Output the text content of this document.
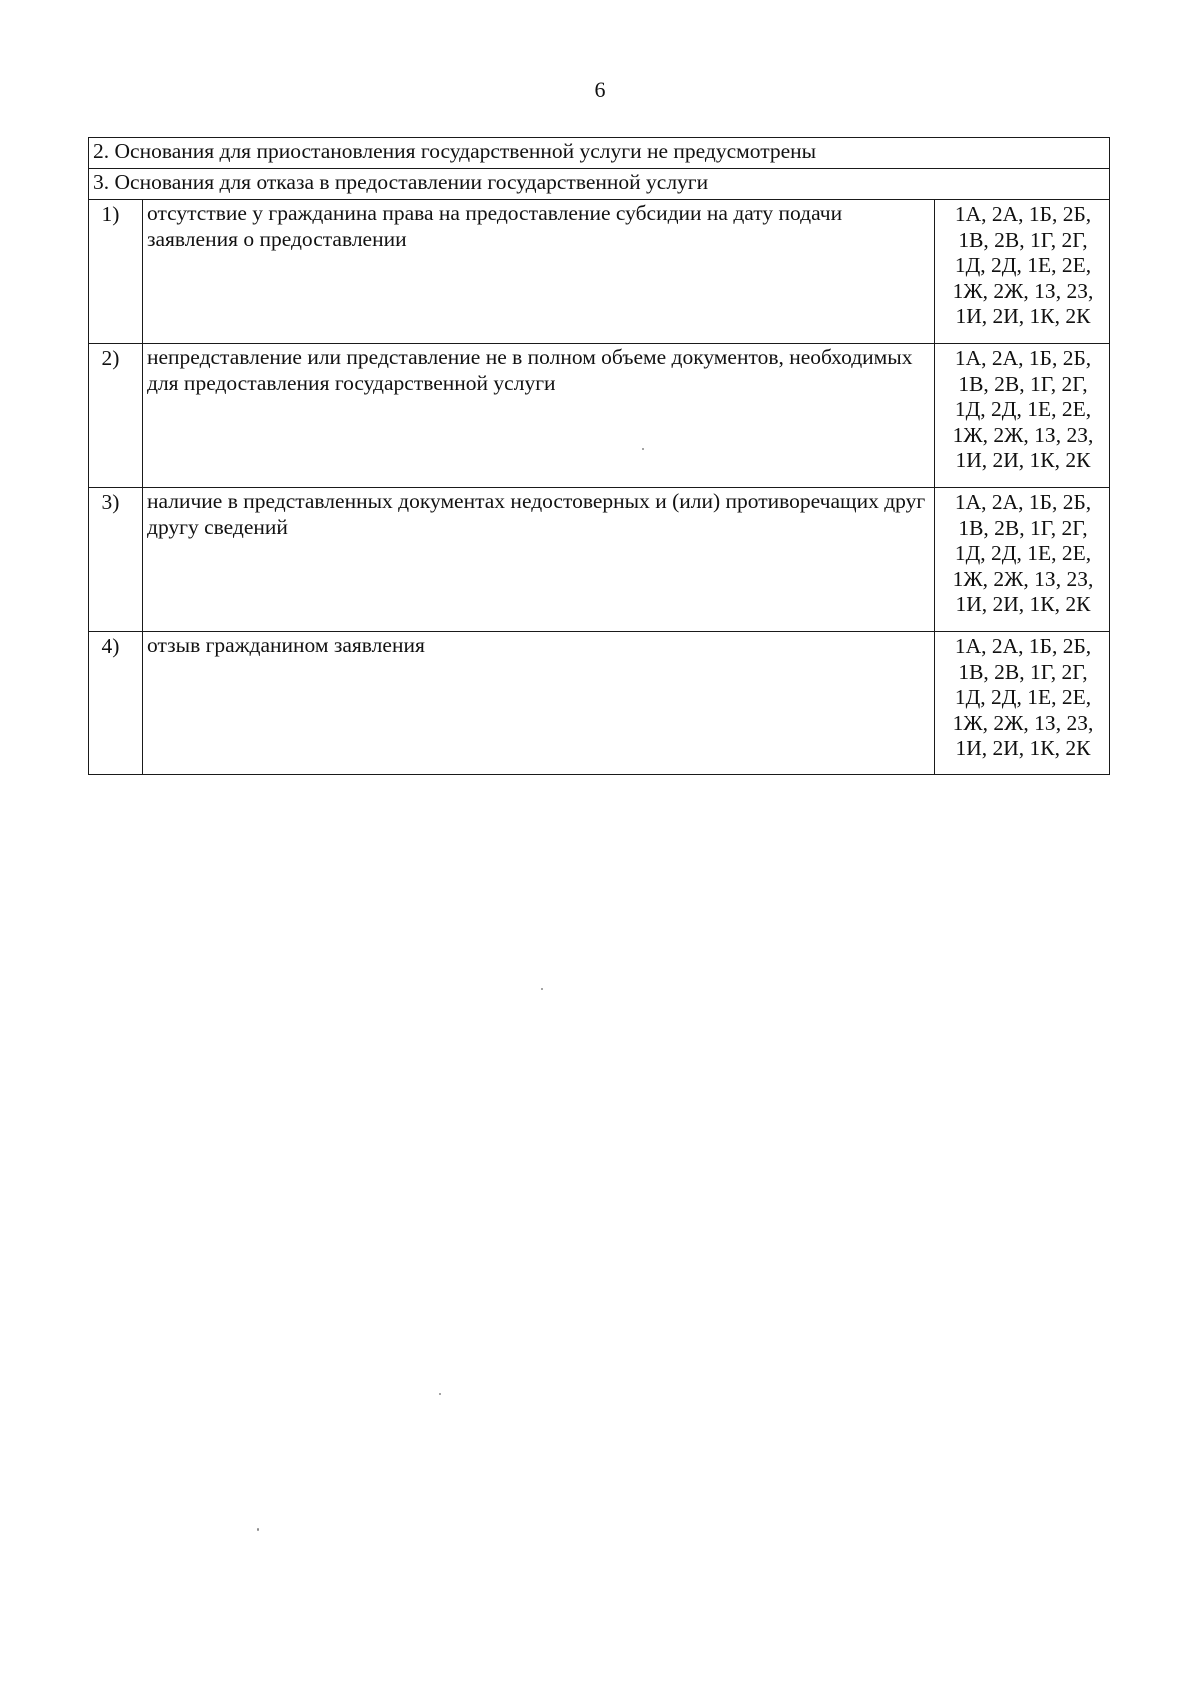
6
2. Основания для приостановления государственной услуги не предусмотрены		
3. Основания для отказа в предоставлении государственной услуги		

1)	отсутствие у гражданина права на предоставление субсидии на дату подачи заявления о предоставлении	1А, 2А, 1Б, 2Б,
1В, 2В, 1Г, 2Г,
1Д, 2Д, 1Е, 2Е,
1Ж, 2Ж, 1З, 2З,
1И, 2И, 1К, 2К

2)	непредставление или представление не в полном объеме документов, необходимых для предоставления государственной услуги	1А, 2А, 1Б, 2Б,
1В, 2В, 1Г, 2Г,
1Д, 2Д, 1Е, 2Е,
1Ж, 2Ж, 1З, 2З,
1И, 2И, 1К, 2К

3)	наличие в представленных документах недостоверных и (или) противоречащих друг другу сведений	1А, 2А, 1Б, 2Б,
1В, 2В, 1Г, 2Г,
1Д, 2Д, 1Е, 2Е,
1Ж, 2Ж, 1З, 2З,
1И, 2И, 1К, 2К

4)	отзыв гражданином заявления	1А, 2А, 1Б, 2Б,
1В, 2В, 1Г, 2Г,
1Д, 2Д, 1Е, 2Е,
1Ж, 2Ж, 1З, 2З,
1И, 2И, 1К, 2К
